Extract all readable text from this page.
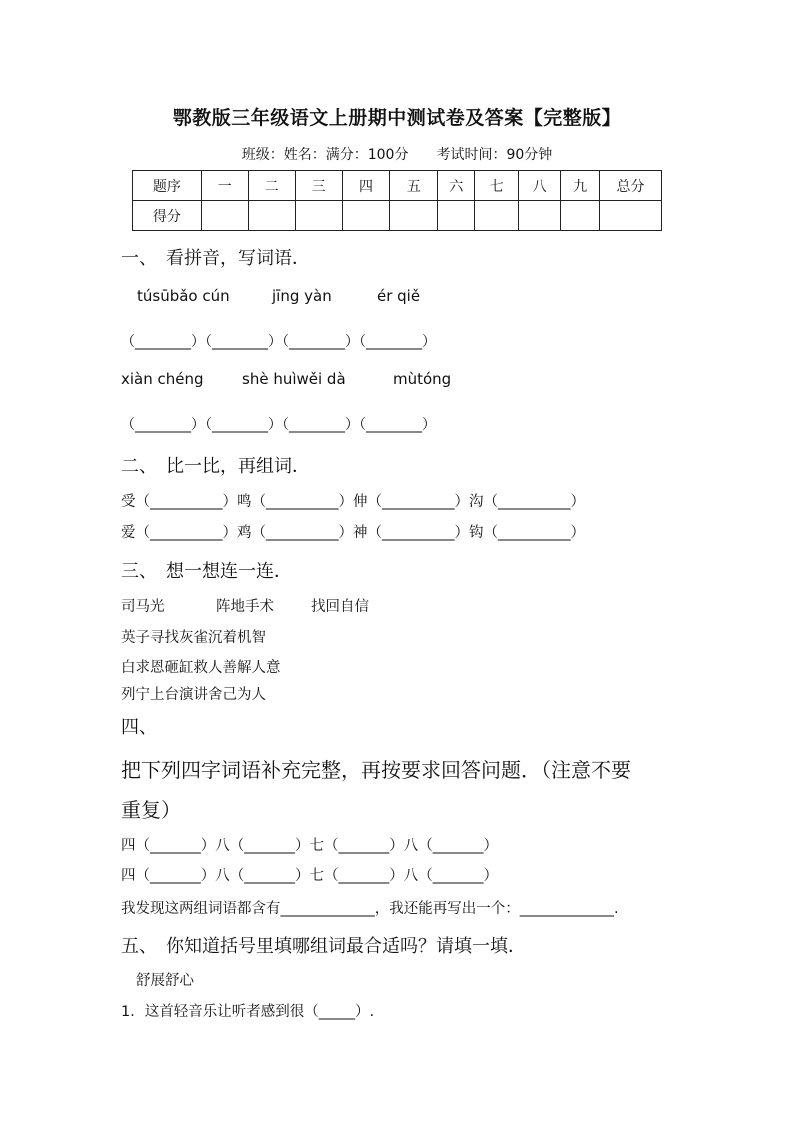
鄂教版三年级语文上册期中测试卷及答案【完整版】
班级：姓名：满分：100分　　考试时间：90分钟
题序	一	二	三	四	五	六	七	八	九	总分
得分										
一、　看拼音，写词语．
túsūbǎo cún	jīng yàn	ér qiě
（________）（________）（________）（________）
xiàn chéng	shè huìwěi dà	mùtóng
（________）（________）（________）（________）
二、　比一比，再组词．
受（__________）鸣（__________）伸（__________）沟（__________）
爱（__________）鸡（__________）神（__________）钩（__________）
三、　想一想连一连．
司马光	阵地手术	找回自信
英子寻找灰雀沉着机智
白求恩砸缸救人善解人意
列宁上台演讲舍己为人
四、
把下列四字词语补充完整，再按要求回答问题．（注意不要
重复）
四（_______）八（_______）七（_______）八（_______）
四（_______）八（_______）七（_______）八（_______）
我发现这两组词语都含有_____________，我还能再写出一个：_____________.
五、　你知道括号里填哪组词最合适吗？请填一填．
舒展舒心
1．这首轻音乐让听者感到很（_____）.
